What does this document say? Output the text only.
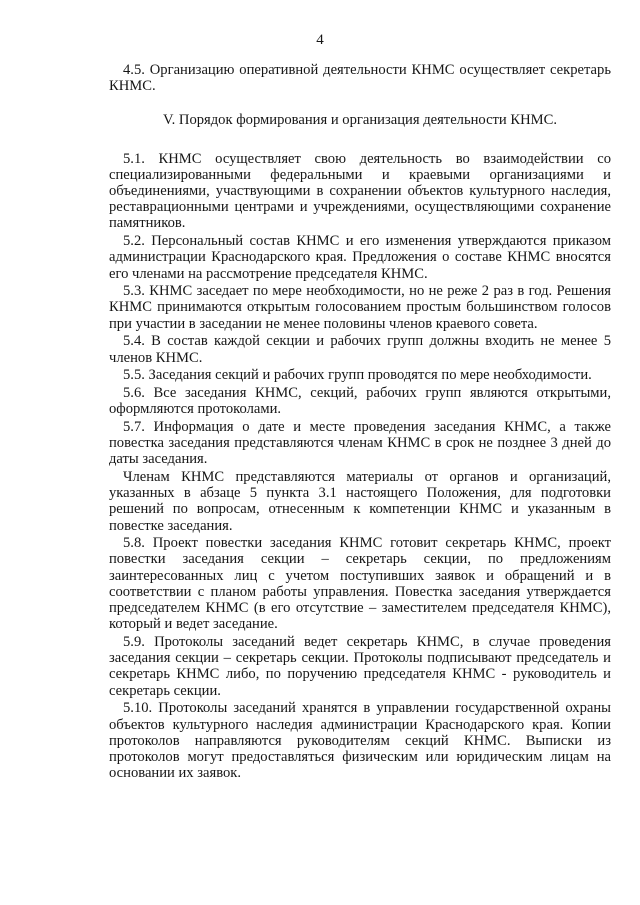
4

4.5. Организацию оперативной деятельности КНМС осуществляет секретарь КНМС.

V. Порядок формирования и организация деятельности КНМС.

5.1. КНМС осуществляет свою деятельность во взаимодействии со специализированными федеральными и краевыми организациями и объединениями, участвующими в сохранении объектов культурного наследия, реставрационными центрами и учреждениями, осуществляющими сохранение памятников.

5.2. Персональный состав КНМС и его изменения утверждаются приказом администрации Краснодарского края. Предложения о составе КНМС вносятся его членами на рассмотрение председателя КНМС.

5.3. КНМС заседает по мере необходимости, но не реже 2 раз в год. Решения КНМС принимаются открытым голосованием простым большинством голосов при участии в заседании не менее половины членов краевого совета.

5.4. В состав каждой секции и рабочих групп должны входить не менее 5 членов КНМС.

5.5. Заседания секций и рабочих групп проводятся по мере необходимости.

5.6. Все заседания КНМС, секций, рабочих групп являются открытыми, оформляются протоколами.

5.7. Информация о дате и месте проведения заседания КНМС, а также повестка заседания представляются членам КНМС в срок не позднее 3 дней до даты заседания.

Членам КНМС представляются материалы от органов и организаций, указанных в абзаце 5 пункта 3.1 настоящего Положения, для подготовки решений по вопросам, отнесенным к компетенции КНМС и указанным в повестке заседания.

5.8. Проект повестки заседания КНМС готовит секретарь КНМС, проект повестки заседания секции – секретарь секции, по предложениям заинтересованных лиц с учетом поступивших заявок и обращений и в соответствии с планом работы управления. Повестка заседания утверждается председателем КНМС (в его отсутствие – заместителем председателя КНМС), который и ведет заседание.

5.9. Протоколы заседаний ведет секретарь КНМС, в случае проведения заседания секции – секретарь секции. Протоколы подписывают председатель и секретарь КНМС либо, по поручению председателя КНМС - руководитель и секретарь секции.

5.10. Протоколы заседаний хранятся в управлении государственной охраны объектов культурного наследия администрации Краснодарского края. Копии протоколов направляются руководителям секций КНМС. Выписки из протоколов могут предоставляться физическим или юридическим лицам на основании их заявок.
